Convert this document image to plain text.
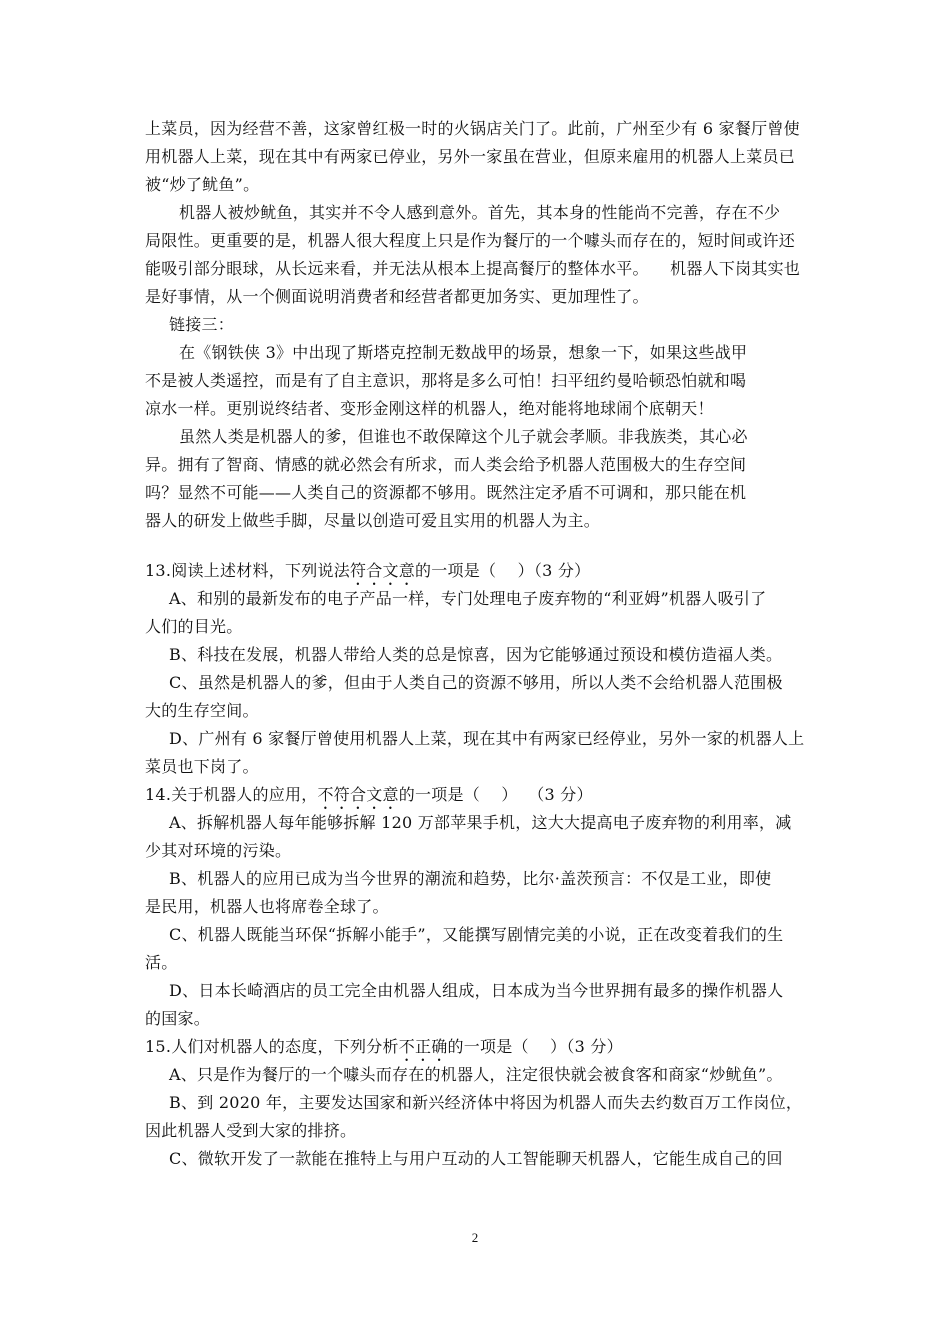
上菜员，因为经营不善，这家曾红极一时的火锅店关门了。此前，广州至少有 6 家餐厅曾使
用机器人上菜，现在其中有两家已停业，另外一家虽在营业，但原来雇用的机器人上菜员已
被“炒了鱿鱼”。
机器人被炒鱿鱼，其实并不令人感到意外。首先，其本身的性能尚不完善，存在不少
局限性。更重要的是，机器人很大程度上只是作为餐厅的一个噱头而存在的，短时间或许还
能吸引部分眼球，从长远来看，并无法从根本上提高餐厅的整体水平。    机器人下岗其实也
是好事情，从一个侧面说明消费者和经营者都更加务实、更加理性了。
链接三：
在《钢铁侠 3》中出现了斯塔克控制无数战甲的场景，想象一下，如果这些战甲
不是被人类遥控，而是有了自主意识，那将是多么可怕！扫平纽约曼哈顿恐怕就和喝
凉水一样。更别说终结者、变形金刚这样的机器人，绝对能将地球闹个底朝天！
虽然人类是机器人的爹，但谁也不敢保障这个儿子就会孝顺。非我族类，其心必
异。拥有了智商、情感的就必然会有所求，而人类会给予机器人范围极大的生存空间
吗？显然不可能——人类自己的资源都不够用。既然注定矛盾不可调和，那只能在机
器人的研发上做些手脚，尽量以创造可爱且实用的机器人为主。
13.阅读上述材料，下列说法符合文意的一项是（    ）（3 分）
A、和别的最新发布的电子产品一样，专门处理电子废弃物的“利亚姆”机器人吸引了
人们的目光。
B、科技在发展，机器人带给人类的总是惊喜，因为它能够通过预设和模仿造福人类。
C、虽然是机器人的爹，但由于人类自己的资源不够用，所以人类不会给机器人范围极
大的生存空间。
D、广州有 6 家餐厅曾使用机器人上菜，现在其中有两家已经停业，另外一家的机器人上
菜员也下岗了。
14.关于机器人的应用，不符合文意的一项是（    ）  （3 分）
A、拆解机器人每年能够拆解 120 万部苹果手机，这大大提高电子废弃物的利用率，减
少其对环境的污染。
B、机器人的应用已成为当今世界的潮流和趋势，比尔·盖茨预言：不仅是工业，即使
是民用，机器人也将席卷全球了。
C、机器人既能当环保“拆解小能手”，又能撰写剧情完美的小说，正在改变着我们的生
活。
D、日本长崎酒店的员工完全由机器人组成，日本成为当今世界拥有最多的操作机器人
的国家。
15.人们对机器人的态度，下列分析不正确的一项是（    ）（3 分）
A、只是作为餐厅的一个噱头而存在的机器人，注定很快就会被食客和商家“炒鱿鱼”。
B、到 2020 年，主要发达国家和新兴经济体中将因为机器人而失去约数百万工作岗位，
因此机器人受到大家的排挤。
C、微软开发了一款能在推特上与用户互动的人工智能聊天机器人，它能生成自己的回
2
